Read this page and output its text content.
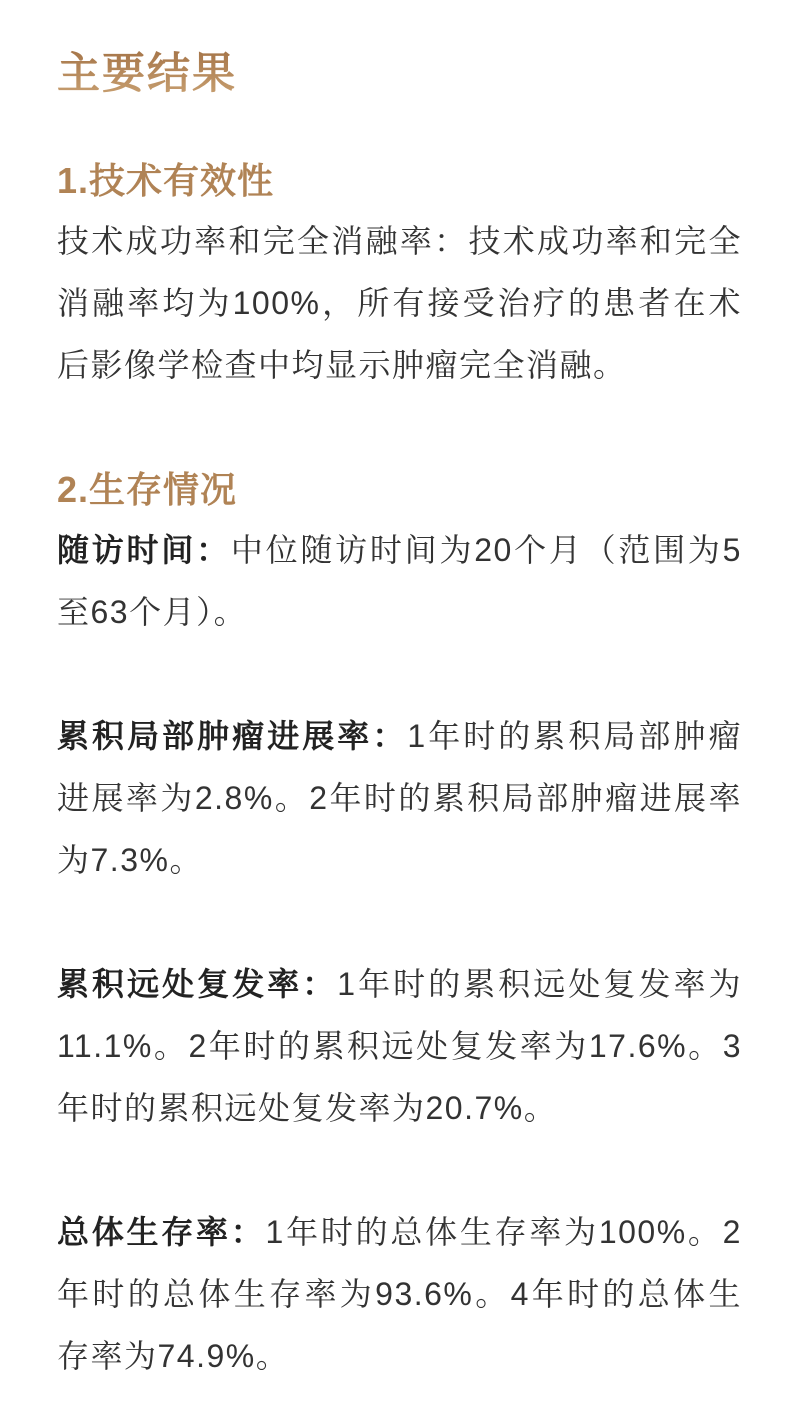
主要结果
1.技术有效性

技术成功率和完全消融率：技术成功率和完全消融率均为100%，所有接受治疗的患者在术后影像学检查中均显示肿瘤完全消融。

2.生存情况

随访时间：中位随访时间为20个月（范围为5至63个月）。

累积局部肿瘤进展率：1年时的累积局部肿瘤进展率为2.8%。2年时的累积局部肿瘤进展率为7.3%。

累积远处复发率：1年时的累积远处复发率为11.1%。2年时的累积远处复发率为17.6%。3年时的累积远处复发率为20.7%。

总体生存率：1年时的总体生存率为100%。2年时的总体生存率为93.6%。4年时的总体生存率为74.9%。
